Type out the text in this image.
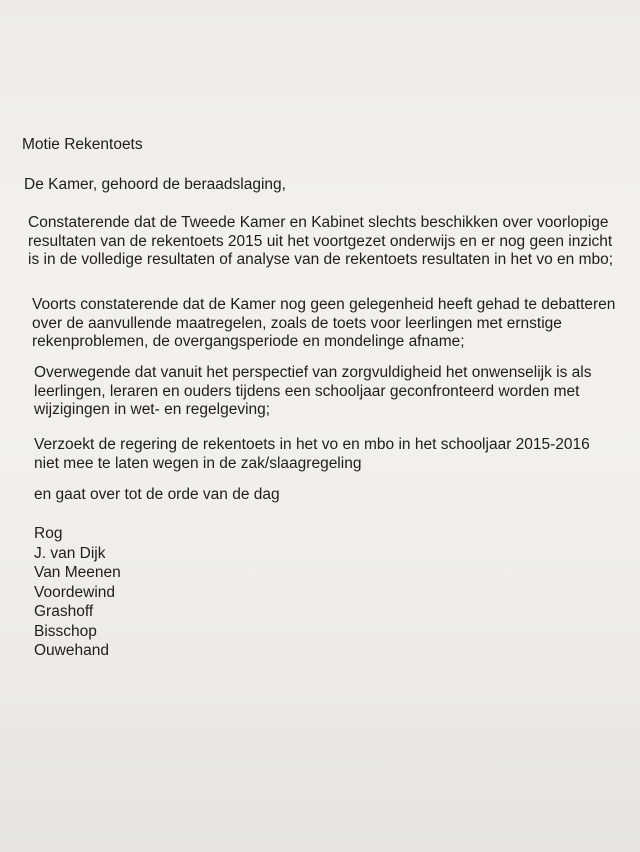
Motie Rekentoets

De Kamer, gehoord de beraadslaging,

Constaterende dat de Tweede Kamer en Kabinet slechts beschikken over voorlopige
resultaten van de rekentoets 2015 uit het voortgezet onderwijs en er nog geen inzicht
is in de volledige resultaten of analyse van de rekentoets resultaten in het vo en mbo;

Voorts constaterende dat de Kamer nog geen gelegenheid heeft gehad te debatteren
over de aanvullende maatregelen, zoals de toets voor leerlingen met ernstige
rekenproblemen, de overgangsperiode en mondelinge afname;

Overwegende dat vanuit het perspectief van zorgvuldigheid het onwenselijk is als
leerlingen, leraren en ouders tijdens een schooljaar geconfronteerd worden met
wijzigingen in wet- en regelgeving;

Verzoekt de regering de rekentoets in het vo en mbo in het schooljaar 2015-2016
niet mee te laten wegen in de zak/slaagregeling

en gaat over tot de orde van de dag

Rog
J. van Dijk
Van Meenen
Voordewind
Grashoff
Bisschop
Ouwehand
